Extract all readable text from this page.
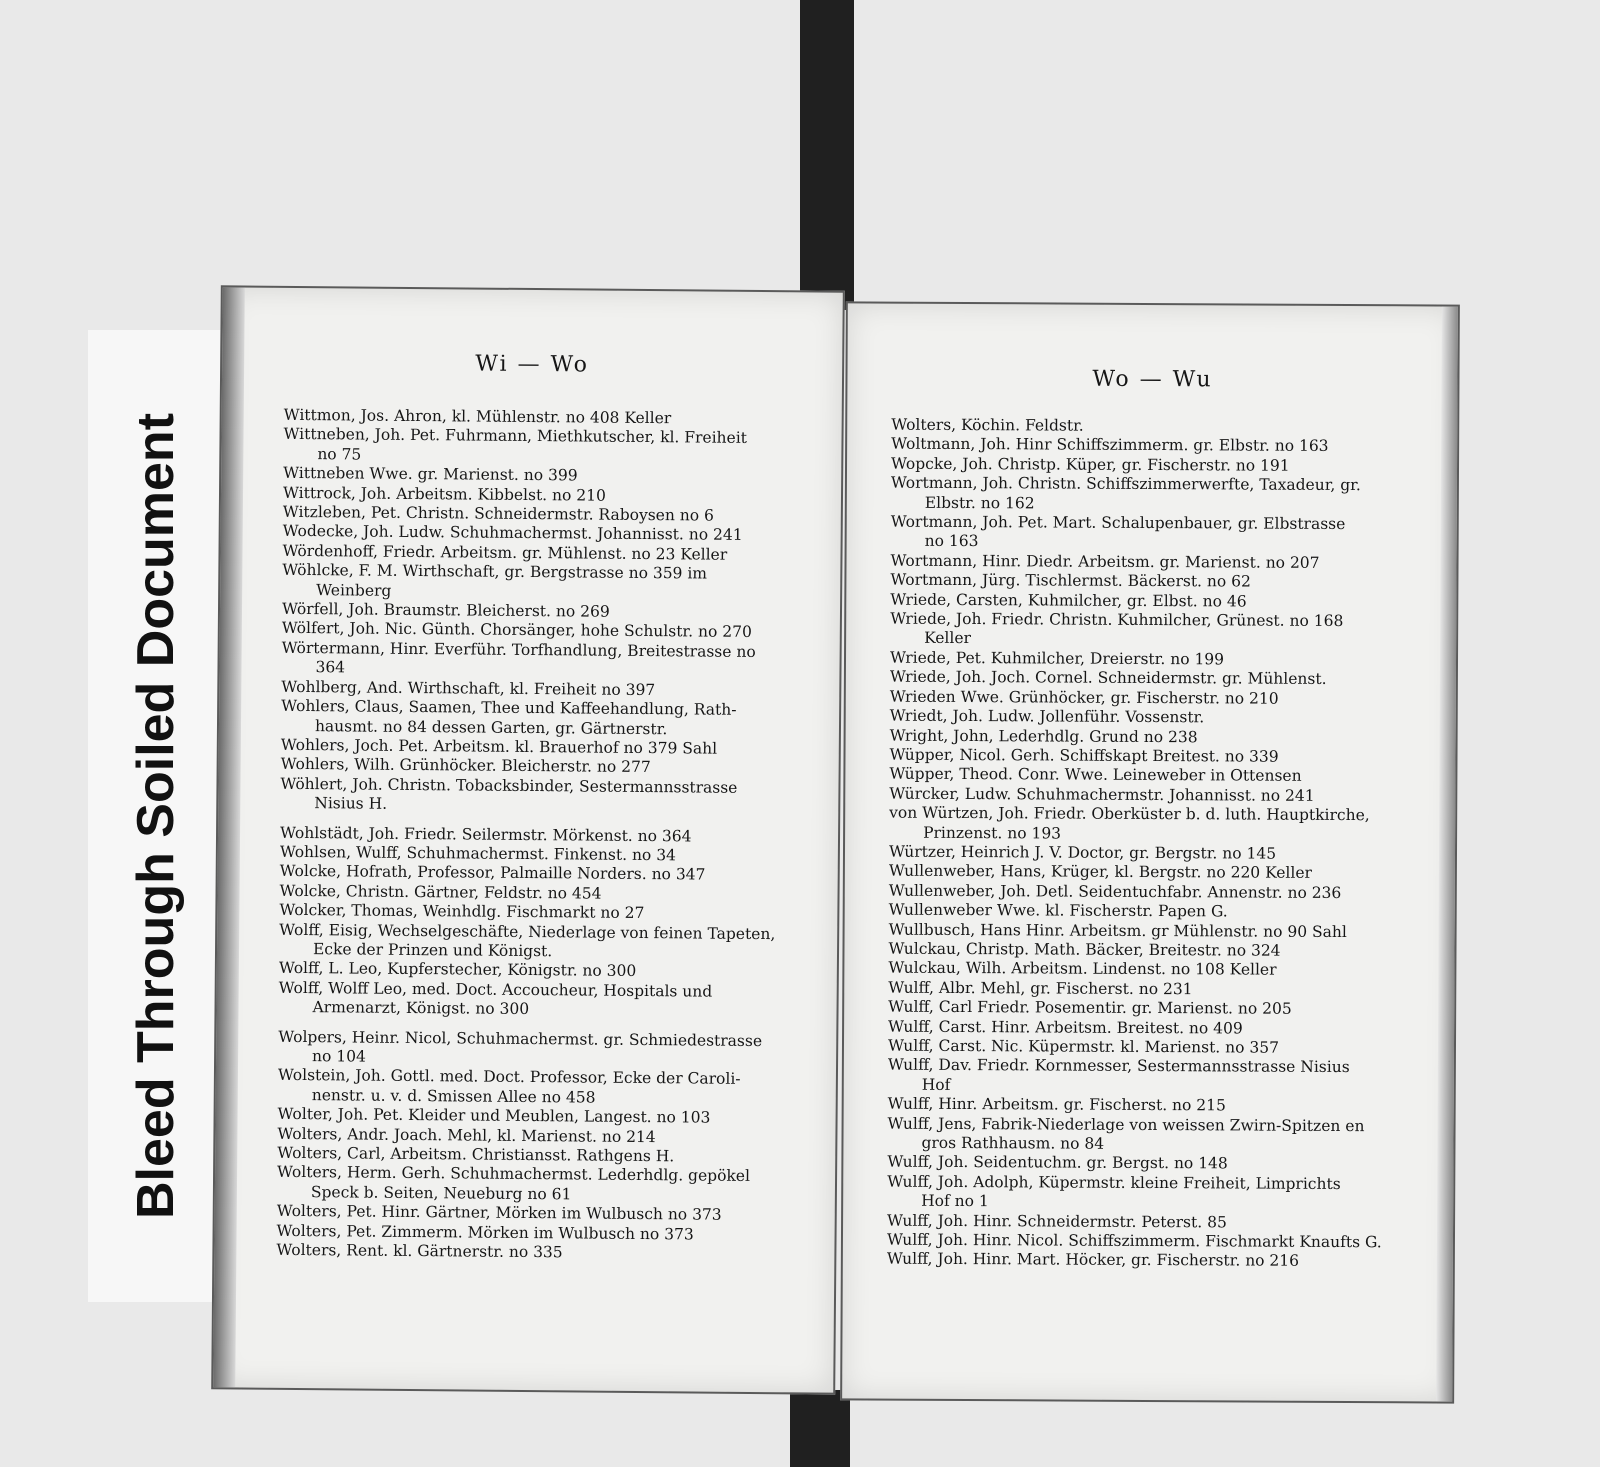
Bleed Through Soiled Document
Wi — Wo

Wittmon, Jos. Ahron, kl. Mühlenstr. no 408 Keller

Wittneben, Joh. Pet. Fuhrmann, Miethkutscher, kl. Freiheit

no 75

Wittneben Wwe. gr. Marienst. no 399

Wittrock, Joh. Arbeitsm. Kibbelst. no 210

Witzleben, Pet. Christn. Schneidermstr. Raboysen no 6

Wodecke, Joh. Ludw. Schuhmachermst. Johannisst. no 241

Wördenhoff, Friedr. Arbeitsm. gr. Mühlenst. no 23 Keller

Wöhlcke, F. M. Wirthschaft, gr. Bergstrasse no 359 im

Weinberg

Wörfell, Joh. Braumstr. Bleicherst. no 269

Wölfert, Joh. Nic. Günth. Chorsänger, hohe Schulstr. no 270

Wörtermann, Hinr. Everführ. Torfhandlung, Breitestrasse no

364

Wohlberg, And. Wirthschaft, kl. Freiheit no 397

Wohlers, Claus, Saamen, Thee und Kaffeehandlung, Rath-

hausmt. no 84 dessen Garten, gr. Gärtnerstr.

Wohlers, Joch. Pet. Arbeitsm. kl. Brauerhof no 379 Sahl

Wohlers, Wilh. Grünhöcker. Bleicherstr. no 277

Wöhlert, Joh. Christn. Tobacksbinder, Sestermannsstrasse

Nisius H.

Wohlstädt, Joh. Friedr. Seilermstr. Mörkenst. no 364

Wohlsen, Wulff, Schuhmachermst. Finkenst. no 34

Wolcke, Hofrath, Professor, Palmaille Norders. no 347

Wolcke, Christn. Gärtner, Feldstr. no 454

Wolcker, Thomas, Weinhdlg. Fischmarkt no 27

Wolff, Eisig, Wechselgeschäfte, Niederlage von feinen Tapeten,

Ecke der Prinzen und Königst.

Wolff, L. Leo, Kupferstecher, Königstr. no 300

Wolff, Wolff Leo, med. Doct. Accoucheur, Hospitals und

Armenarzt, Königst. no 300

Wolpers, Heinr. Nicol, Schuhmachermst. gr. Schmiedestrasse

no 104

Wolstein, Joh. Gottl. med. Doct. Professor, Ecke der Caroli-

nenstr. u. v. d. Smissen Allee no 458

Wolter, Joh. Pet. Kleider und Meublen, Langest. no 103

Wolters, Andr. Joach. Mehl, kl. Marienst. no 214

Wolters, Carl, Arbeitsm. Christiansst. Rathgens H.

Wolters, Herm. Gerh. Schuhmachermst. Lederhdlg. gepökel

Speck b. Seiten, Neueburg no 61

Wolters, Pet. Hinr. Gärtner, Mörken im Wulbusch no 373

Wolters, Pet. Zimmerm. Mörken im Wulbusch no 373

Wolters, Rent. kl. Gärtnerstr. no 335

Wo — Wu

Wolters, Köchin. Feldstr.

Woltmann, Joh. Hinr Schiffszimmerm. gr. Elbstr. no 163

Wopcke, Joh. Christp. Küper, gr. Fischerstr. no 191

Wortmann, Joh. Christn. Schiffszimmerwerfte, Taxadeur, gr.

Elbstr. no 162

Wortmann, Joh. Pet. Mart. Schalupenbauer, gr. Elbstrasse

no 163

Wortmann, Hinr. Diedr. Arbeitsm. gr. Marienst. no 207

Wortmann, Jürg. Tischlermst. Bäckerst. no 62

Wriede, Carsten, Kuhmilcher, gr. Elbst. no 46

Wriede, Joh. Friedr. Christn. Kuhmilcher, Grünest. no 168

Keller

Wriede, Pet. Kuhmilcher, Dreierstr. no 199

Wriede, Joh. Joch. Cornel. Schneidermstr. gr. Mühlenst.

Wrieden Wwe. Grünhöcker, gr. Fischerstr. no 210

Wriedt, Joh. Ludw. Jollenführ. Vossenstr.

Wright, John, Lederhdlg. Grund no 238

Wüpper, Nicol. Gerh. Schiffskapt Breitest. no 339

Wüpper, Theod. Conr. Wwe. Leineweber in Ottensen

Würcker, Ludw. Schuhmachermstr. Johannisst. no 241

von Würtzen, Joh. Friedr. Oberküster b. d. luth. Hauptkirche,

Prinzenst. no 193

Würtzer, Heinrich J. V. Doctor, gr. Bergstr. no 145

Wullenweber, Hans, Krüger, kl. Bergstr. no 220 Keller

Wullenweber, Joh. Detl. Seidentuchfabr. Annenstr. no 236

Wullenweber Wwe. kl. Fischerstr. Papen G.

Wullbusch, Hans Hinr. Arbeitsm. gr Mühlenstr. no 90 Sahl

Wulckau, Christp. Math. Bäcker, Breitestr. no 324

Wulckau, Wilh. Arbeitsm. Lindenst. no 108 Keller

Wulff, Albr. Mehl, gr. Fischerst. no 231

Wulff, Carl Friedr. Posementir. gr. Marienst. no 205

Wulff, Carst. Hinr. Arbeitsm. Breitest. no 409

Wulff, Carst. Nic. Küpermstr. kl. Marienst. no 357

Wulff, Dav. Friedr. Kornmesser, Sestermannsstrasse Nisius

Hof

Wulff, Hinr. Arbeitsm. gr. Fischerst. no 215

Wulff, Jens, Fabrik-Niederlage von weissen Zwirn-Spitzen en

gros Rathhausm. no 84

Wulff, Joh. Seidentuchm. gr. Bergst. no 148

Wulff, Joh. Adolph, Küpermstr. kleine Freiheit, Limprichts

Hof no 1

Wulff, Joh. Hinr. Schneidermstr. Peterst. 85

Wulff, Joh. Hinr. Nicol. Schiffszimmerm. Fischmarkt Knaufts G.

Wulff, Joh. Hinr. Mart. Höcker, gr. Fischerstr. no 216
